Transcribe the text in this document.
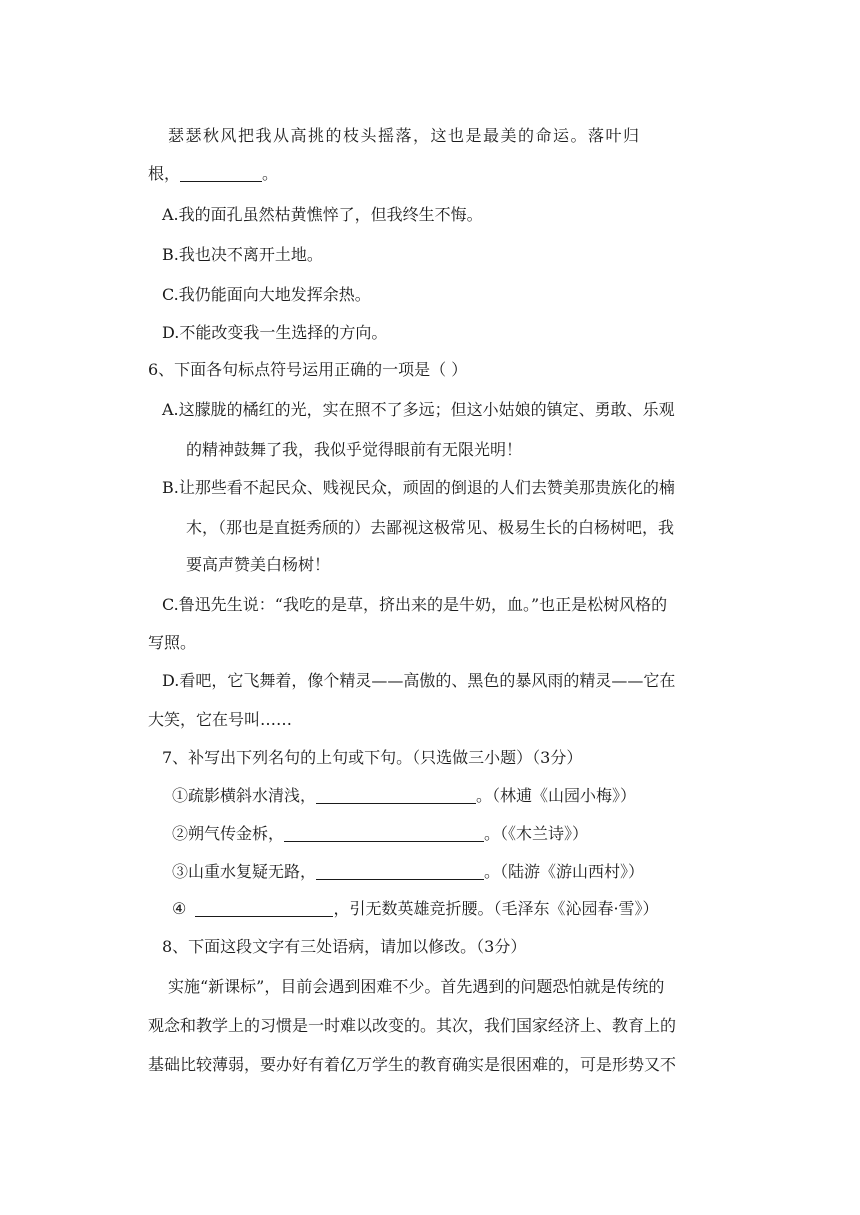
瑟瑟秋风把我从高挑的枝头摇落，这也是最美的命运。落叶归
根，	。
A.我的面孔虽然枯黄憔悴了，但我终生不悔。
B.我也决不离开土地。
C.我仍能面向大地发挥余热。
D.不能改变我一生选择的方向。
6、下面各句标点符号运用正确的一项是（ ）
A.这朦胧的橘红的光，实在照不了多远；但这小姑娘的镇定、勇敢、乐观
的精神鼓舞了我，我似乎觉得眼前有无限光明！
B.让那些看不起民众、贱视民众，顽固的倒退的人们去赞美那贵族化的楠
木，（那也是直挺秀颀的）去鄙视这极常见、极易生长的白杨树吧，我
要高声赞美白杨树！
C.鲁迅先生说：“我吃的是草，挤出来的是牛奶，血。”也正是松树风格的
写照。
D.看吧，它飞舞着，像个精灵——高傲的、黑色的暴风雨的精灵——它在
大笑，它在号叫……
7、补写出下列名句的上句或下句。（只选做三小题）（3分）
①疏影横斜水清浅，	。（林逋《山园小梅》）
②朔气传金柝，	。（《木兰诗》）
③山重水复疑无路，	。（陆游《游山西村》）
④	，引无数英雄竞折腰。（毛泽东《沁园春·雪》）
8、下面这段文字有三处语病，请加以修改。（3分）
实施“新课标”，目前会遇到困难不少。首先遇到的问题恐怕就是传统的
观念和教学上的习惯是一时难以改变的。其次，我们国家经济上、教育上的
基础比较薄弱，要办好有着亿万学生的教育确实是很困难的，可是形势又不
